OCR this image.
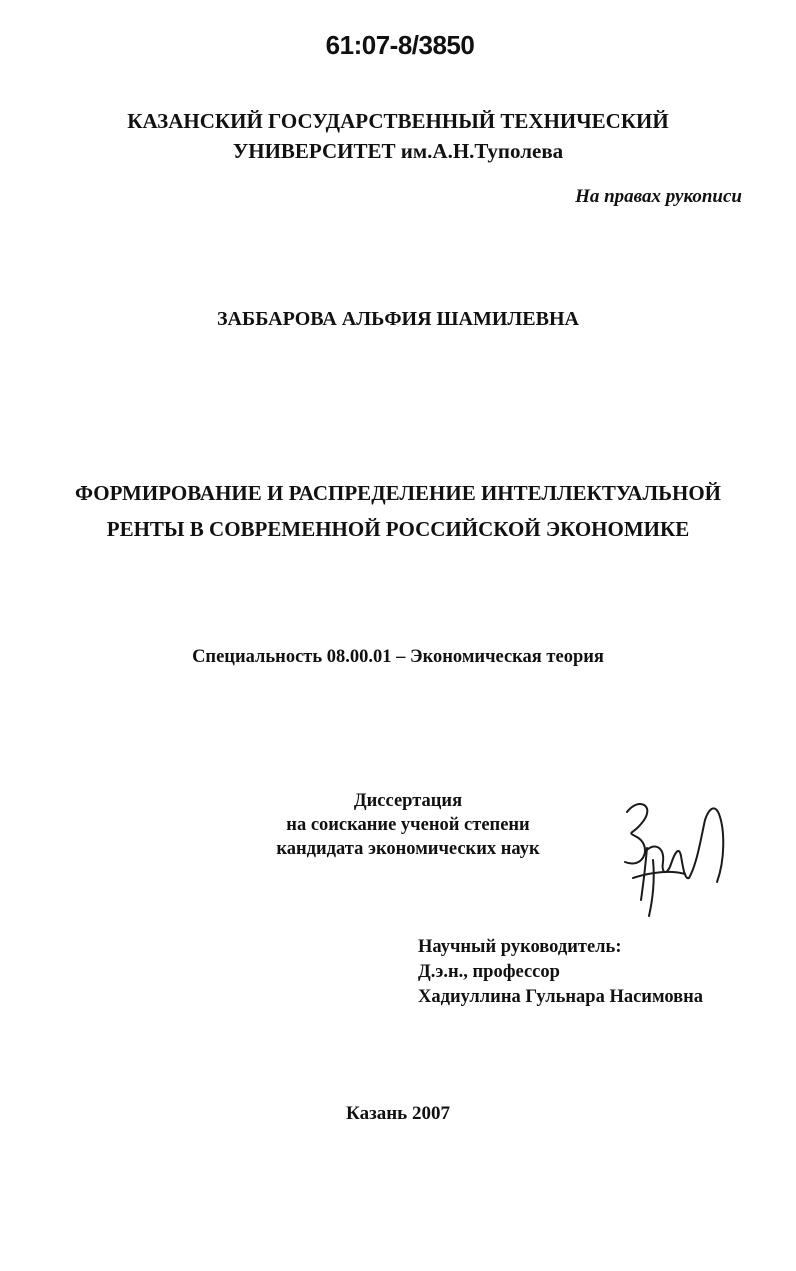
61:07-8/3850
КАЗАНСКИЙ ГОСУДАРСТВЕННЫЙ ТЕХНИЧЕСКИЙ
УНИВЕРСИТЕТ им.А.Н.Туполева
На правах рукописи
ЗАББАРОВА АЛЬФИЯ ШАМИЛЕВНА
ФОРМИРОВАНИЕ И РАСПРЕДЕЛЕНИЕ ИНТЕЛЛЕКТУАЛЬНОЙ
РЕНТЫ В СОВРЕМЕННОЙ РОССИЙСКОЙ ЭКОНОМИКЕ
Специальность 08.00.01 – Экономическая теория
Диссертация
на соискание ученой степени
кандидата экономических наук
Научный руководитель:
Д.э.н., профессор
Хадиуллина Гульнара Насимовна
Казань 2007
